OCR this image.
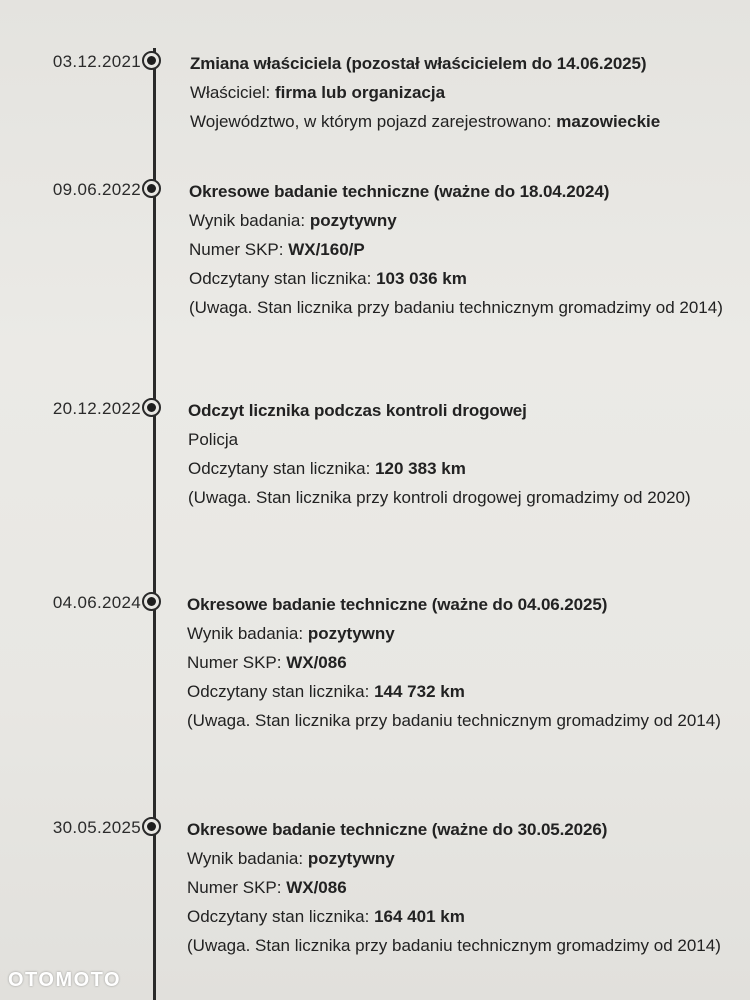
03.12.2021	Zmiana właściciela (pozostał właścicielem do 14.06.2025)
Właściciel: firma lub organizacja
Województwo, w którym pojazd zarejestrowano: mazowieckie
09.06.2022	Okresowe badanie techniczne (ważne do 18.04.2024)
Wynik badania: pozytywny
Numer SKP: WX/160/P
Odczytany stan licznika: 103 036 km
(Uwaga. Stan licznika przy badaniu technicznym gromadzimy od 2014)
20.12.2022	Odczyt licznika podczas kontroli drogowej
Policja
Odczytany stan licznika: 120 383 km
(Uwaga. Stan licznika przy kontroli drogowej gromadzimy od 2020)
04.06.2024	Okresowe badanie techniczne (ważne do 04.06.2025)
Wynik badania: pozytywny
Numer SKP: WX/086
Odczytany stan licznika: 144 732 km
(Uwaga. Stan licznika przy badaniu technicznym gromadzimy od 2014)
30.05.2025	Okresowe badanie techniczne (ważne do 30.05.2026)
Wynik badania: pozytywny
Numer SKP: WX/086
Odczytany stan licznika: 164 401 km
(Uwaga. Stan licznika przy badaniu technicznym gromadzimy od 2014)
OTOMOTO
